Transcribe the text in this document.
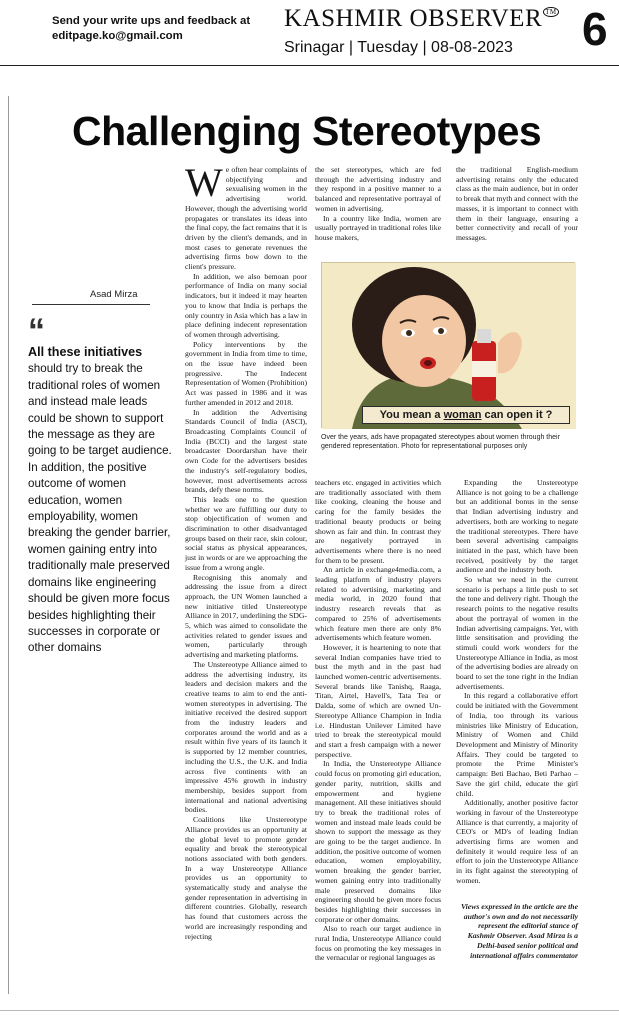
Send your write ups and feedback at
editpage.ko@gmail.com
KASHMIR OBSERVER ™
Srinagar | Tuesday | 08-08-2023	6
Challenging Stereotypes
Asad Mirza
“
All these initiatives should try to break the traditional roles of women and instead male leads could be shown to support the message as they are going to be target audience. In addition, the positive outcome of women education, women employability, women breaking the gender barrier, women gaining entry into traditionally male preserved domains like engineering should be given more focus besides highlighting their successes in corporate or other domains

We often hear complaints of objectifying and sexualising women in the advertising world. However, though the advertising world propagates or translates its ideas into the final copy, the fact remains that it is driven by the client's demands, and in most cases to generate revenues the advertising firms bow down to the client's pressure.

In addition, we also bemoan poor performance of India on many social indicators, but it indeed it may hearten you to know that India is perhaps the only country in Asia which has a law in place defining indecent representation of women through advertising.

Policy interventions by the government in India from time to time, on the issue have indeed been progressive. The Indecent Representation of Women (Prohibition) Act was passed in 1986 and it was further amended in 2012 and 2018.

In addition the Advertising Standards Council of India (ASCI), Broadcasting Complaints Council of India (BCCI) and the largest state broadcaster Doordarshan have their own Code for the advertisers besides the industry's self-regulatory bodies, however, most advertisements across brands, defy these norms.

This leads one to the question whether we are fulfilling our duty to stop objectification of women and discrimination to other disadvantaged groups based on their race, skin colour, social status as physical appearances, just in words or are we approaching the issue from a wrong angle.

Recognising this anomaly and addressing the issue from a direct approach, the UN Women launched a new initiative titled Unstereotype Alliance in 2017, underlining the SDG-5, which was aimed to consolidate the activities related to gender issues and women, particularly through advertising and marketing platforms.

The Unstereotype Alliance aimed to address the advertising industry, its leaders and decision makers and the creative teams to aim to end the anti-women stereotypes in advertising. The initiative received the desired support from the industry leaders and corporates around the world and as a result within five years of its launch it is supported by 12 member countries, including the U.S., the U.K. and India across five continents with an impressive 45% growth in industry membership, besides support from international and national advertising bodies.

Coalitions like Unstereotype Alliance provides us an opportunity at the global level to promote gender equality and break the stereotypical notions associated with both genders. In a way Unstereotype Alliance provides us an opportunity to systematically study and analyse the gender representation in advertising in different countries. Globally, research has found that customers across the world are increasingly responding and rejecting

the set stereotypes, which are fed through the advertising industry and they respond in a positive manner to a balanced and representative portrayal of women in advertising.

In a country like India, women are usually portrayed in traditional roles like house makers,

the traditional English-medium advertising retains only the educated class as the main audience, but in order to break that myth and connect with the masses, it is important to connect with them in their language, ensuring a better connectivity and recall of your messages.

You mean a woman can open it ?
Over the years, ads have propagated stereotypes about women through their gendered representation. Photo for representational purposes only

teachers etc. engaged in activities which are traditionally associated with them like cooking, cleaning the house and caring for the family besides the traditional beauty products or being shown as fair and thin. In contrast they are negatively portrayed in advertisements where there is no need for them to be present.

An article in exchange4media.com, a leading platform of industry players related to advertising, marketing and media world, in 2020 found that industry research reveals that as compared to 25% of advertisements which feature men there are only 8% advertisements which feature women.

However, it is heartening to note that several Indian companies have tried to bust the myth and in the past had launched women-centric advertisements. Several brands like Tanishq, Raaga, Titan, Airtel, Havell's, Tata Tea or Dalda, some of which are owned Un-Stereotype Alliance Champion in India i.e. Hindustan Unilever Limited have tried to break the stereotypical mould and start a fresh campaign with a newer perspective.

In India, the Unstereotype Alliance could focus on promoting girl education, gender parity, nutrition, skills and empowerment and hygiene management. All these initiatives should try to break the traditional roles of women and instead male leads could be shown to support the message as they are going to be the target audience. In addition, the positive outcome of women education, women employability, women breaking the gender barrier, women gaining entry into traditionally male preserved domains like engineering should be given more focus besides highlighting their successes in corporate or other domains.

Also to reach our target audience in rural India, Unstereotype Alliance could focus on promoting the key messages in the vernacular or regional languages as

Expanding the Unstereotype Alliance is not going to be a challenge but an additional bonus in the sense that Indian advertising industry and advertisers, both are working to negate the traditional stereotypes. There have been several advertising campaigns initiated in the past, which have been received, positively by the target audience and the industry both.

So what we need in the current scenario is perhaps a little push to set the tone and delivery right. Though the research points to the negative results about the portrayal of women in the Indian advertising campaigns. Yet, with little sensitisation and providing the stimuli could work wonders for the Unstereotype Alliance in India, as most of the advertising bodies are already on board to set the tone right in the Indian advertisements.

In this regard a collaborative effort could be initiated with the Government of India, too through its various ministries like Ministry of Education, Ministry of Women and Child Development and Ministry of Minority Affairs. They could be targeted to promote the Prime Minister's campaign: Beti Bachao, Beti Parhao – Save the girl child, educate the girl child.

Additionally, another positive factor working in favour of the Unstereotype Alliance is that currently, a majority of CEO's or MD's of leading Indian advertising firms are women and definitely it would require less of an effort to join the Unstereotype Alliance in its fight against the stereotyping of women.

Views expressed in the article are the author's own and do not necessarily represent the editorial stance of Kashmir Observer. Asad Mirza is a Delhi-based senior political and international affairs commentator
